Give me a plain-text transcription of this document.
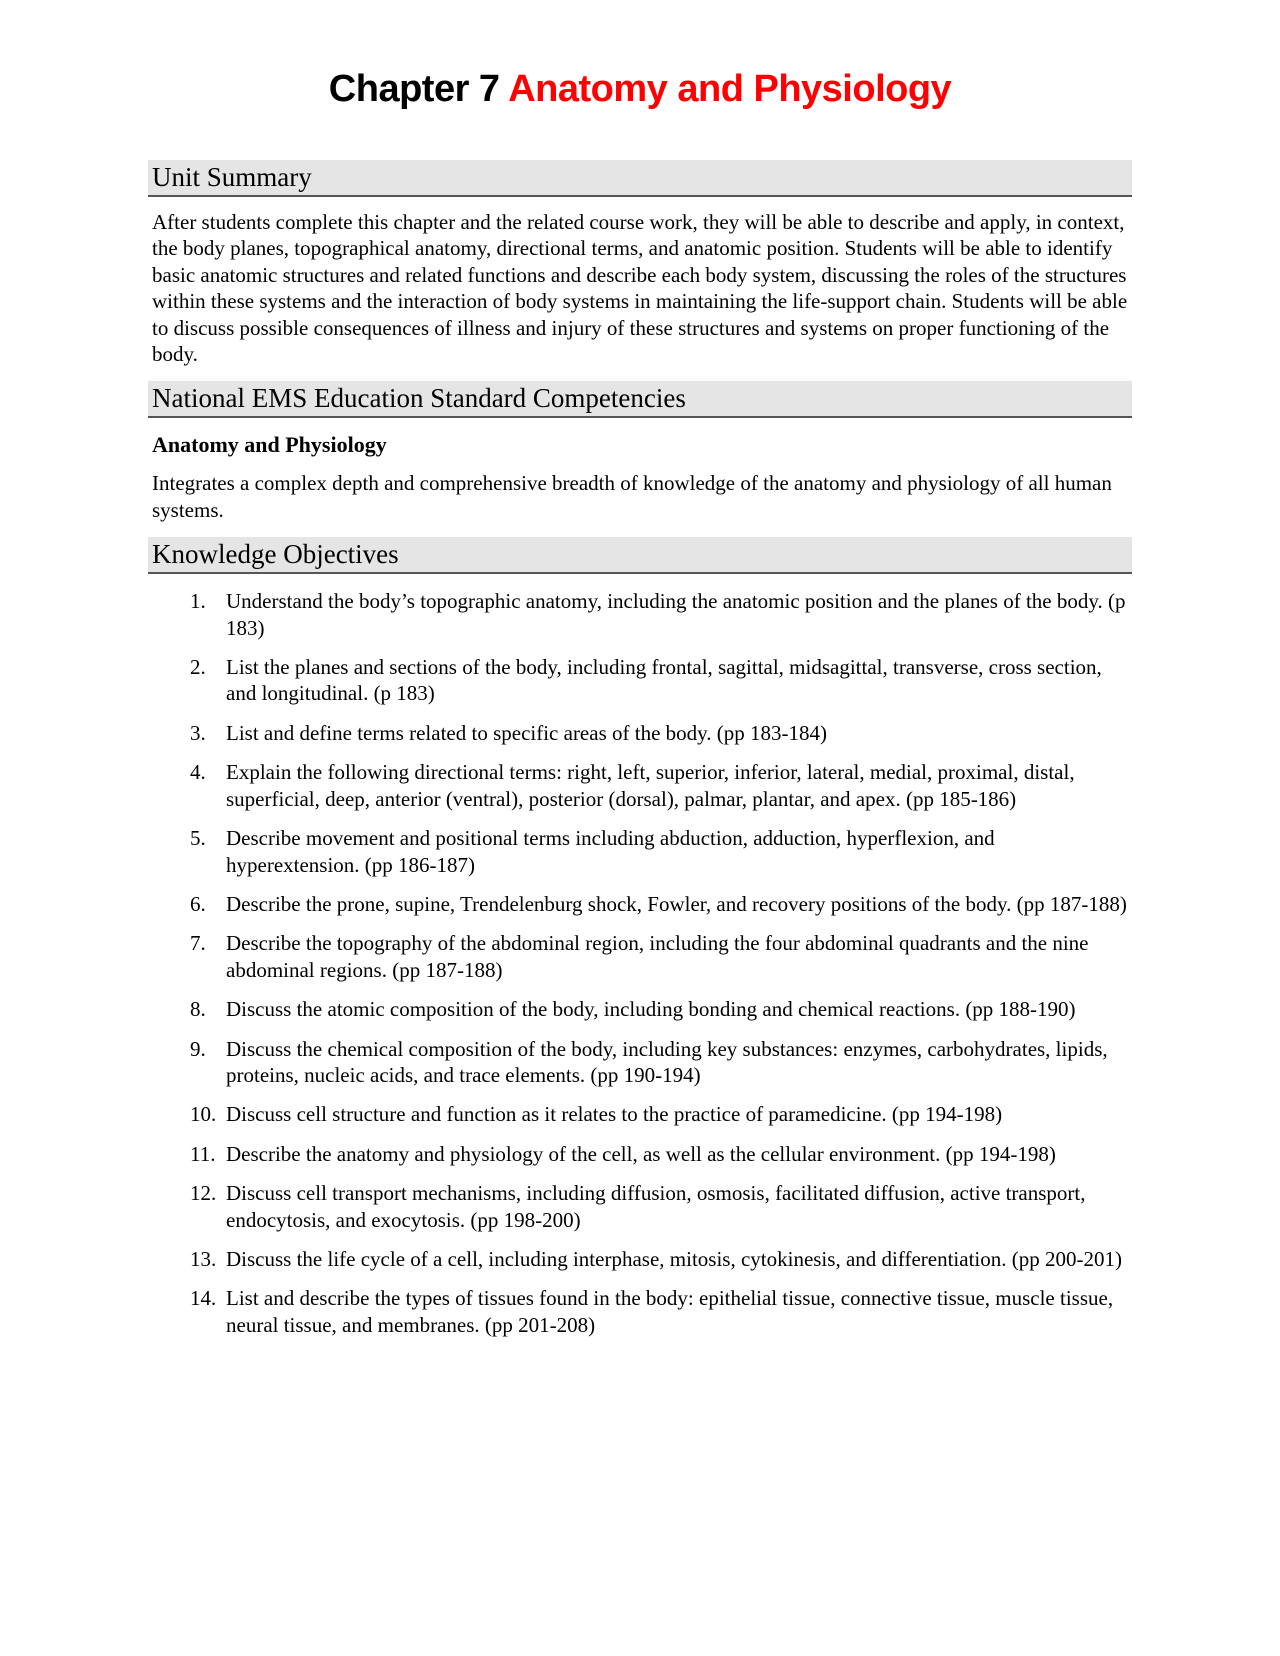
Chapter 7 Anatomy and Physiology
Unit Summary
After students complete this chapter and the related course work, they will be able to describe and apply, in context, the body planes, topographical anatomy, directional terms, and anatomic position. Students will be able to identify basic anatomic structures and related functions and describe each body system, discussing the roles of the structures within these systems and the interaction of body systems in maintaining the life-support chain. Students will be able to discuss possible consequences of illness and injury of these structures and systems on proper functioning of the body.
National EMS Education Standard Competencies
Anatomy and Physiology
Integrates a complex depth and comprehensive breadth of knowledge of the anatomy and physiology of all human systems.
Knowledge Objectives
1. Understand the body’s topographic anatomy, including the anatomic position and the planes of the body. (p 183)
2. List the planes and sections of the body, including frontal, sagittal, midsagittal, transverse, cross section, and longitudinal. (p 183)
3. List and define terms related to specific areas of the body. (pp 183-184)
4. Explain the following directional terms: right, left, superior, inferior, lateral, medial, proximal, distal, superficial, deep, anterior (ventral), posterior (dorsal), palmar, plantar, and apex. (pp 185-186)
5. Describe movement and positional terms including abduction, adduction, hyperflexion, and hyperextension. (pp 186-187)
6. Describe the prone, supine, Trendelenburg shock, Fowler, and recovery positions of the body. (pp 187-188)
7. Describe the topography of the abdominal region, including the four abdominal quadrants and the nine abdominal regions. (pp 187-188)
8. Discuss the atomic composition of the body, including bonding and chemical reactions. (pp 188-190)
9. Discuss the chemical composition of the body, including key substances: enzymes, carbohydrates, lipids, proteins, nucleic acids, and trace elements. (pp 190-194)
10. Discuss cell structure and function as it relates to the practice of paramedicine. (pp 194-198)
11. Describe the anatomy and physiology of the cell, as well as the cellular environment. (pp 194-198)
12. Discuss cell transport mechanisms, including diffusion, osmosis, facilitated diffusion, active transport, endocytosis, and exocytosis. (pp 198-200)
13. Discuss the life cycle of a cell, including interphase, mitosis, cytokinesis, and differentiation. (pp 200-201)
14. List and describe the types of tissues found in the body: epithelial tissue, connective tissue, muscle tissue, neural tissue, and membranes. (pp 201-208)
